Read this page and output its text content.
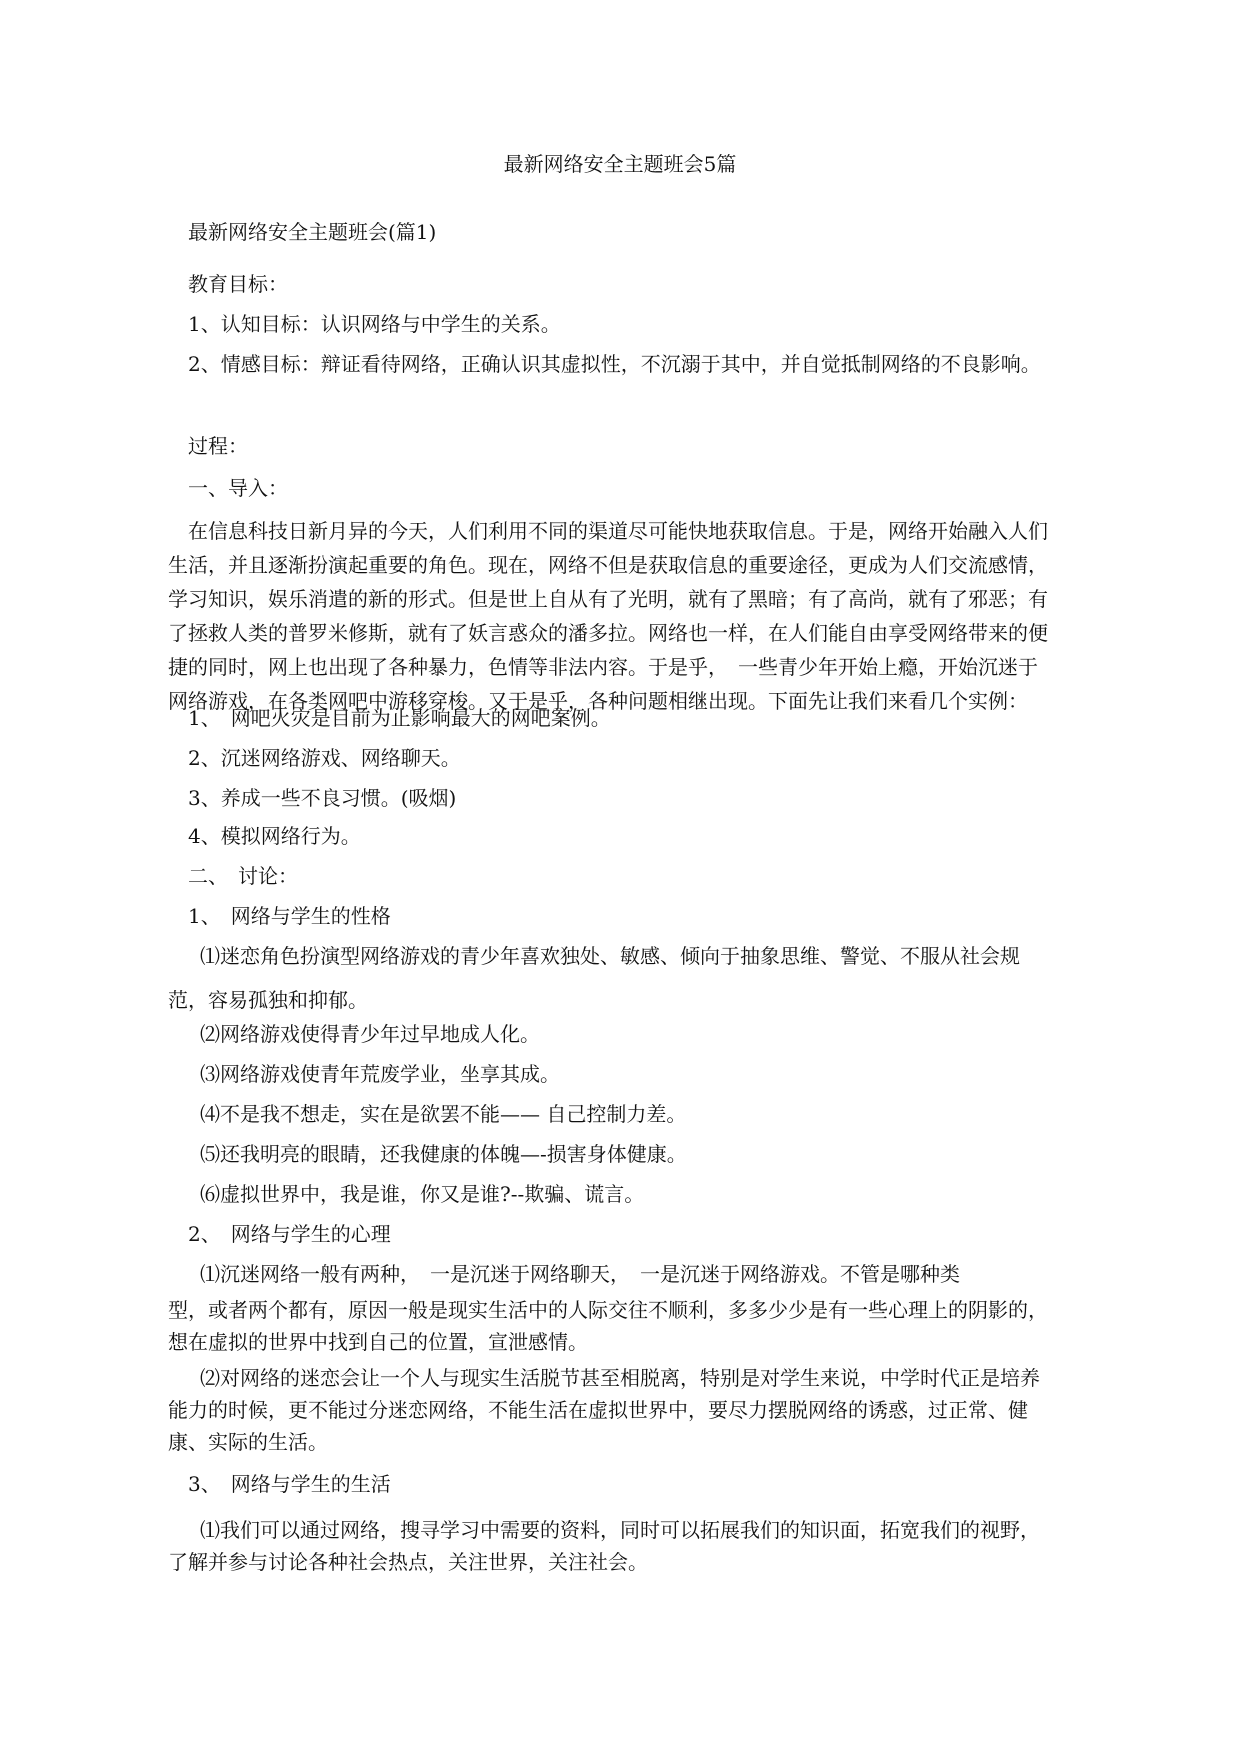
最新网络安全主题班会5篇
最新网络安全主题班会(篇1)
教育目标：
1、认知目标：认识网络与中学生的关系。
2、情感目标：辩证看待网络，正确认识其虚拟性，不沉溺于其中，并自觉抵制网络的不良影响。
过程：
一、导入：
在信息科技日新月异的今天，人们利用不同的渠道尽可能快地获取信息。于是，网络开始融入人们生活，并且逐渐扮演起重要的角色。现在，网络不但是获取信息的重要途径，更成为人们交流感情，学习知识，娱乐消遣的新的形式。但是世上自从有了光明，就有了黑暗；有了高尚，就有了邪恶；有了拯救人类的普罗米修斯，就有了妖言惑众的潘多拉。网络也一样，在人们能自由享受网络带来的便捷的同时，网上也出现了各种暴力，色情等非法内容。于是乎，　一些青少年开始上瘾，开始沉迷于网络游戏，在各类网吧中游移穿梭。又于是乎，各种问题相继出现。下面先让我们来看几个实例：
1、　网吧火灾是目前为止影响最大的网吧案例。
2、沉迷网络游戏、网络聊天。
3、养成一些不良习惯。(吸烟)
4、模拟网络行为。
二、　讨论：
1、　网络与学生的性格
⑴迷恋角色扮演型网络游戏的青少年喜欢独处、敏感、倾向于抽象思维、警觉、不服从社会规范，容易孤独和抑郁。
⑵网络游戏使得青少年过早地成人化。
⑶网络游戏使青年荒废学业，坐享其成。
⑷不是我不想走，实在是欲罢不能—— 自己控制力差。
⑸还我明亮的眼睛，还我健康的体魄—-损害身体健康。
⑹虚拟世界中，我是谁，你又是谁?--欺骗、谎言。
2、　网络与学生的心理
⑴沉迷网络一般有两种，　一是沉迷于网络聊天，　一是沉迷于网络游戏。不管是哪种类
型，或者两个都有，原因一般是现实生活中的人际交往不顺利，多多少少是有一些心理上的阴影的，想在虚拟的世界中找到自己的位置，宣泄感情。
⑵对网络的迷恋会让一个人与现实生活脱节甚至相脱离，特别是对学生来说，中学时代正是培养能力的时候，更不能过分迷恋网络，不能生活在虚拟世界中，要尽力摆脱网络的诱惑，过正常、健康、实际的生活。
3、　网络与学生的生活
⑴我们可以通过网络，搜寻学习中需要的资料，同时可以拓展我们的知识面，拓宽我们的视野，了解并参与讨论各种社会热点，关注世界，关注社会。
